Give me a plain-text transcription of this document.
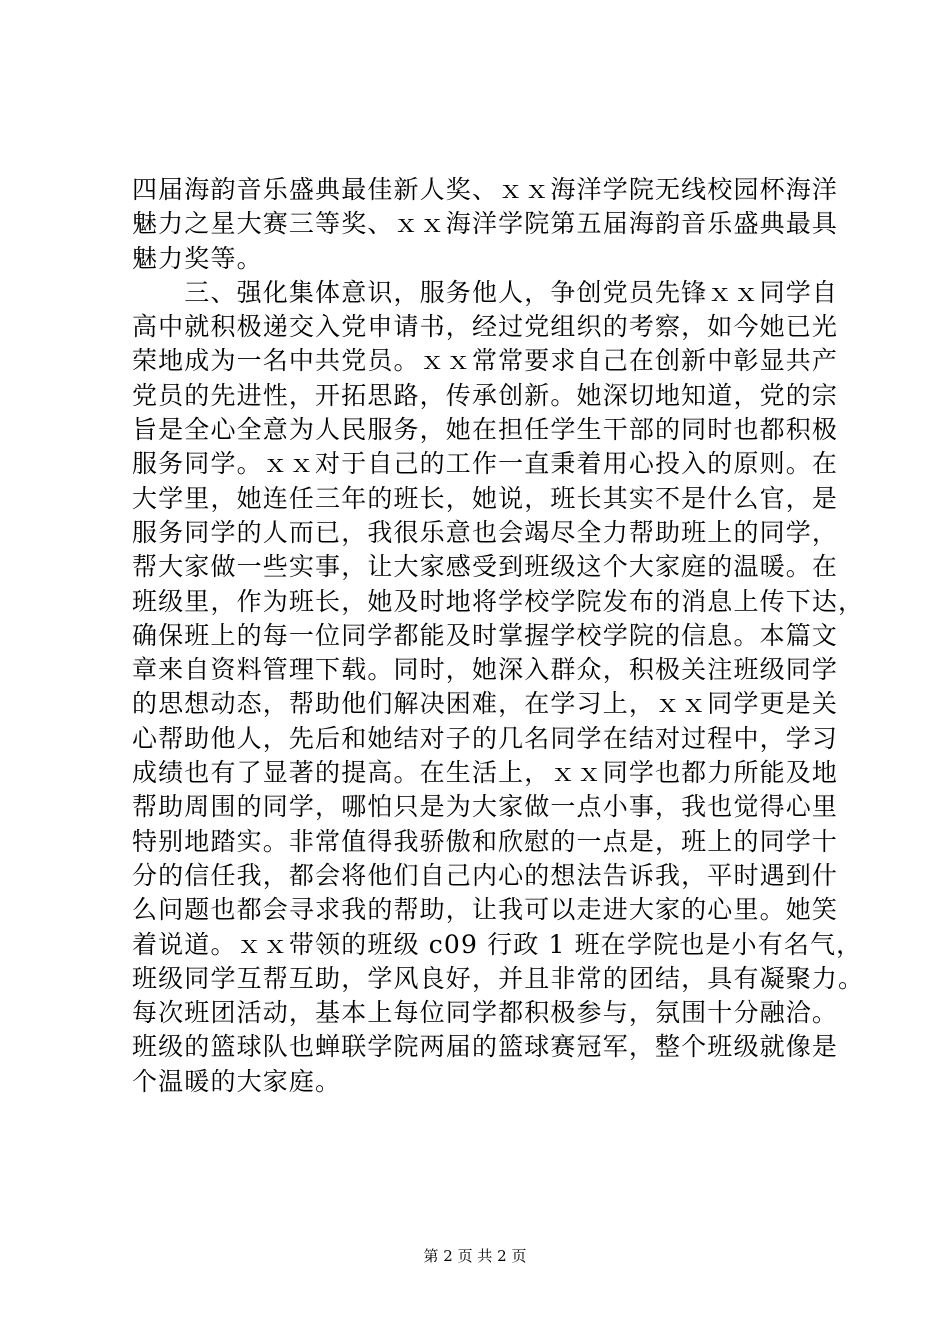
四届海韵音乐盛典最佳新人奖、ｘｘ海洋学院无线校园杯海洋
魅力之星大赛三等奖、ｘｘ海洋学院第五届海韵音乐盛典最具
魅力奖等。
　　三、强化集体意识，服务他人，争创党员先锋ｘｘ同学自
高中就积极递交入党申请书，经过党组织的考察，如今她已光
荣地成为一名中共党员。ｘｘ常常要求自己在创新中彰显共产
党员的先进性，开拓思路，传承创新。她深切地知道，党的宗
旨是全心全意为人民服务，她在担任学生干部的同时也都积极
服务同学。ｘｘ对于自己的工作一直秉着用心投入的原则。在
大学里，她连任三年的班长，她说，班长其实不是什么官，是
服务同学的人而已，我很乐意也会竭尽全力帮助班上的同学，
帮大家做一些实事，让大家感受到班级这个大家庭的温暖。在
班级里，作为班长，她及时地将学校学院发布的消息上传下达，
确保班上的每一位同学都能及时掌握学校学院的信息。本篇文
章来自资料管理下载。同时，她深入群众，积极关注班级同学
的思想动态，帮助他们解决困难，在学习上，ｘｘ同学更是关
心帮助他人，先后和她结对子的几名同学在结对过程中，学习
成绩也有了显著的提高。在生活上，ｘｘ同学也都力所能及地
帮助周围的同学，哪怕只是为大家做一点小事，我也觉得心里
特别地踏实。非常值得我骄傲和欣慰的一点是，班上的同学十
分的信任我，都会将他们自己内心的想法告诉我，平时遇到什
么问题也都会寻求我的帮助，让我可以走进大家的心里。她笑
着说道。ｘｘ带领的班级 c09 行政 1 班在学院也是小有名气，
班级同学互帮互助，学风良好，并且非常的团结，具有凝聚力。
每次班团活动，基本上每位同学都积极参与，氛围十分融洽。
班级的篮球队也蝉联学院两届的篮球赛冠军，整个班级就像是
个温暖的大家庭。
第 2 页 共 2 页
